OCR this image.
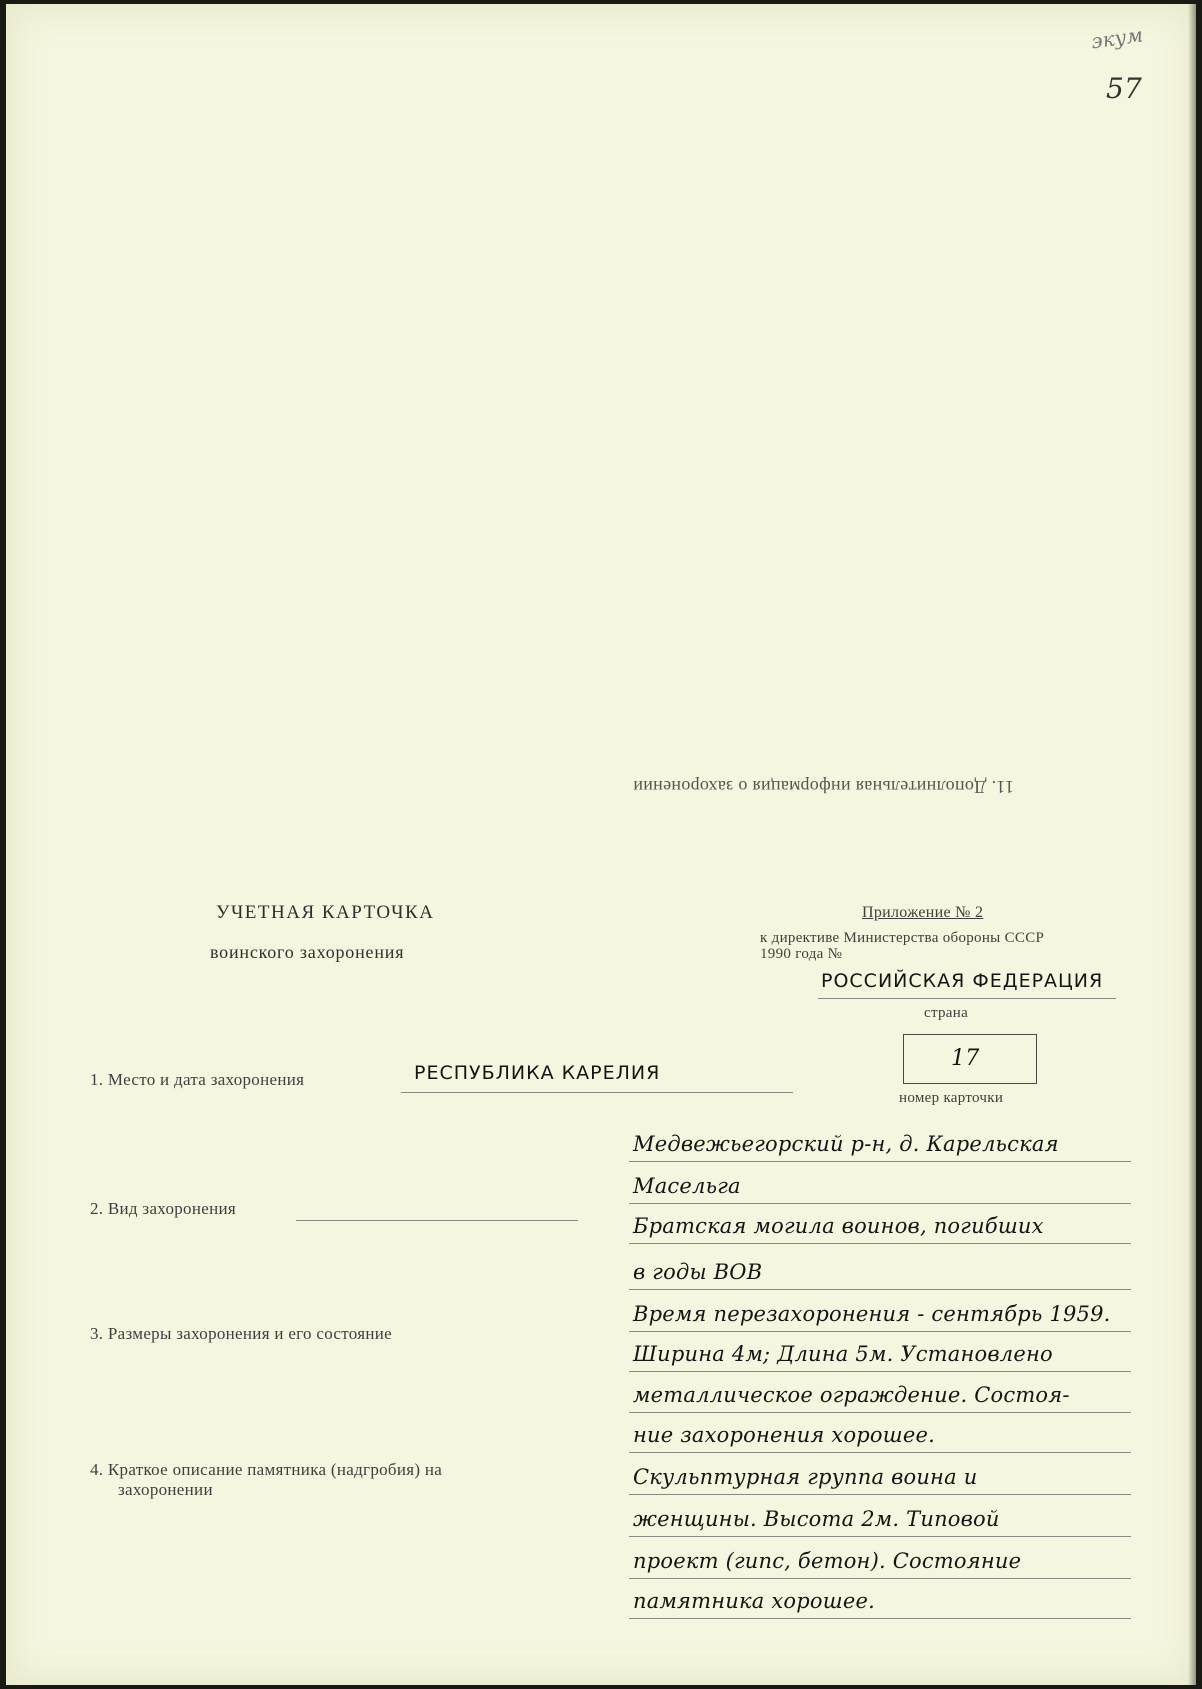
экум
57
11. Дополнительная информация о захоронении
УЧЕТНАЯ КАРТОЧКА
воинского захоронения
Приложение № 2
к директиве Министерства обороны СССР
1990 года №
РОССИЙСКАЯ ФЕДЕРАЦИЯ
страна
17
номер карточки
1. Место и дата захоронения	РЕСПУБЛИКА КАРЕЛИЯ
2. Вид захоронения
3. Размеры захоронения и его состояние
4. Краткое описание памятника (надгробия) на
захоронении
Медвежьегорский р-н, д. Карельская
Масельга
Братская могила воинов, погибших
в годы ВОВ
Время перезахоронения - сентябрь 1959.
Ширина 4м; Длина 5м. Установлено
металлическое ограждение. Состоя-
ние захоронения хорошее.
Скульптурная группа воина и
женщины. Высота 2м. Типовой
проект (гипс, бетон). Состояние
памятника хорошее.
